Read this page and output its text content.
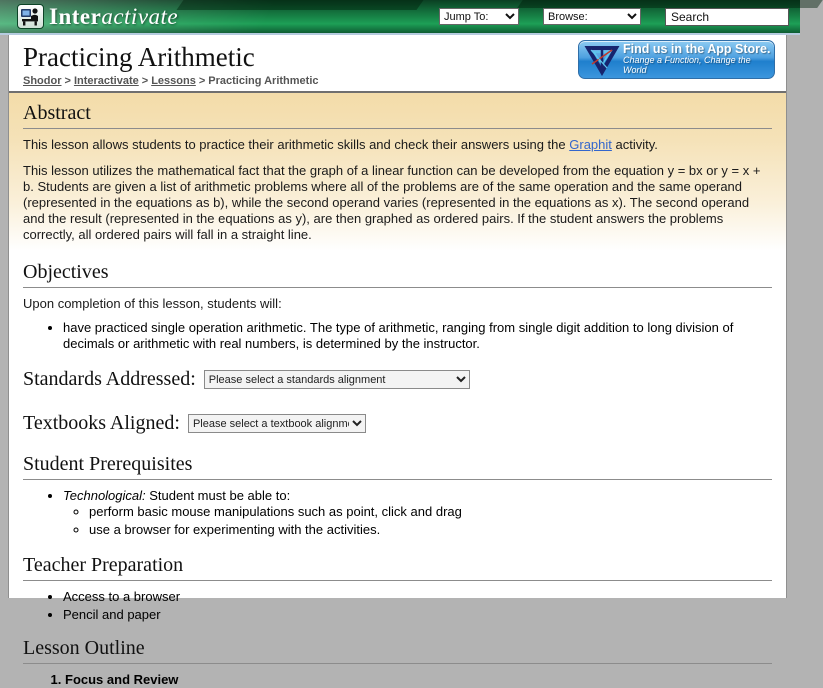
Interactivate
Jump To:
Browse:
Search
Practicing Arithmetic
Shodor > Interactivate > Lessons > Practicing Arithmetic
Find us in the App Store.
Change a Function, Change the World
Abstract

This lesson allows students to practice their arithmetic skills and check their answers using the Graphit activity.

This lesson utilizes the mathematical fact that the graph of a linear function can be developed from the equation y = bx or y = x + b. Students are given a list of arithmetic problems where all of the problems are of the same operation and the same operand (represented in the equations as b), while the second operand varies (represented in the equations as x). The second operand and the result (represented in the equations as y), are then graphed as ordered pairs. If the student answers the problems correctly, all ordered pairs will fall in a straight line.

Objectives

Upon completion of this lesson, students will:

• have practiced single operation arithmetic. The type of arithmetic, ranging from single digit addition to long division of decimals or arithmetic with real numbers, is determined by the instructor.
Standards Addressed:
Please select a standards alignment
Textbooks Aligned:
Please select a textbook alignment
Student Prerequisites
• Technological: Student must be able to:
◦ perform basic mouse manipulations such as point, click and drag
◦ use a browser for experimenting with the activities.
Teacher Preparation
• Access to a browser
• Pencil and paper
Lesson Outline
1. Focus and Review
